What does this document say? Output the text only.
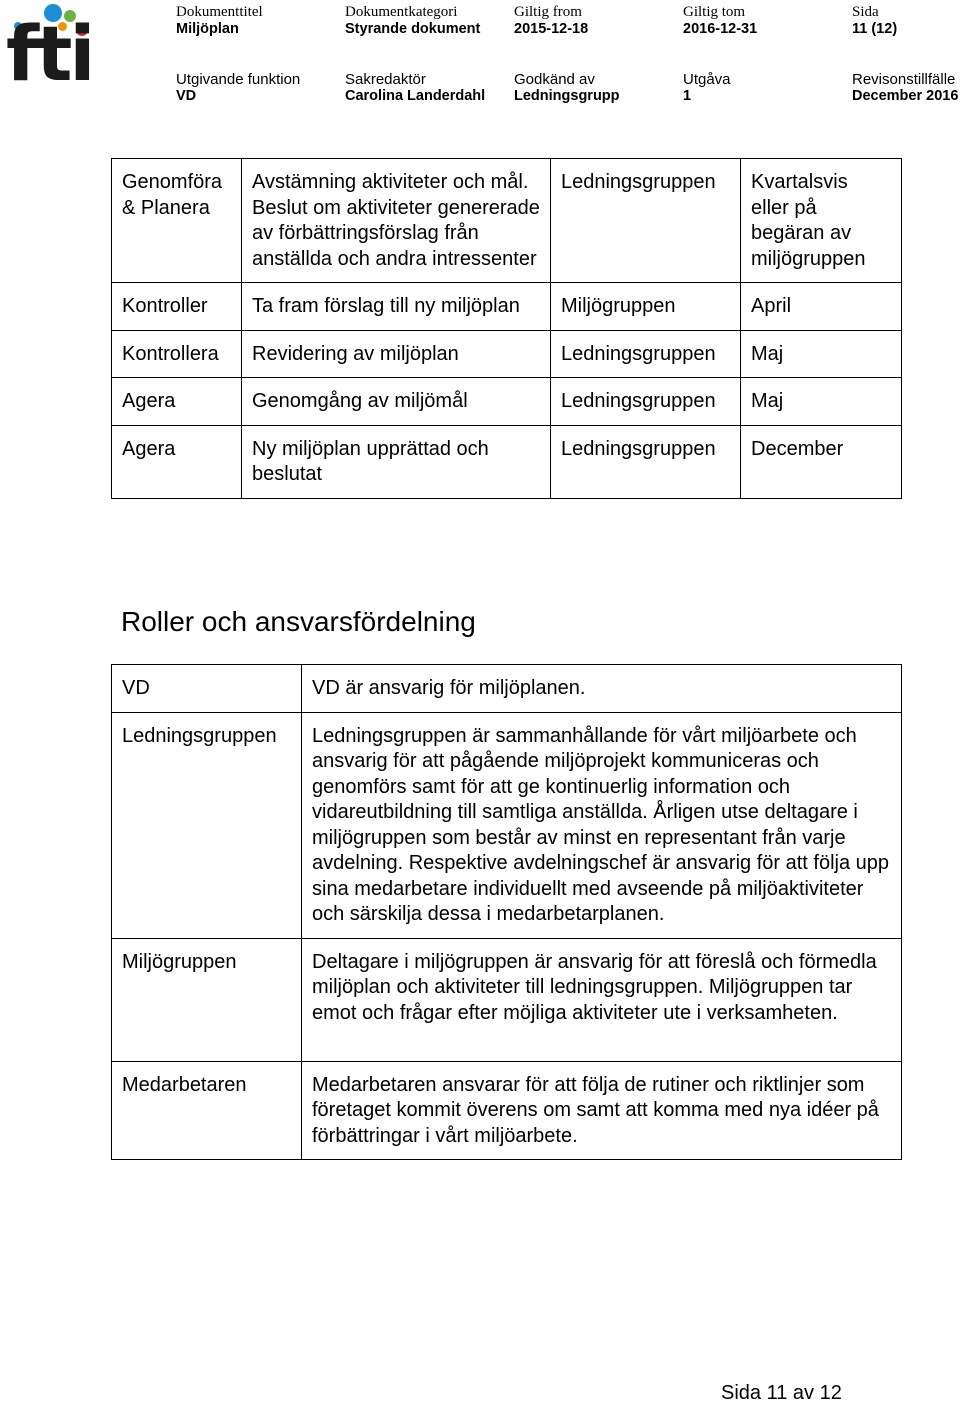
fti	Dokumenttitel
Miljöplan
Dokumentkategori
Styrande dokument
Giltig from
2015-12-18
Giltig tom
2016-12-31
Sida
11 (12)
Utgivande funktion
VD
Sakredaktör
Carolina Landerdahl
Godkänd av
Ledningsgrupp
Utgåva
1
Revisonstillfälle
December 2016
Genomföra & Planera	Avstämning aktiviteter och mål. Beslut om aktiviteter genererade av förbättringsförslag från anställda och andra intressenter	Ledningsgruppen	Kvartalsvis eller på begäran av miljögruppen
Kontroller	Ta fram förslag till ny miljöplan	Miljögruppen	April
Kontrollera	Revidering av miljöplan	Ledningsgruppen	Maj
Agera	Genomgång av miljömål	Ledningsgruppen	Maj
Agera	Ny miljöplan upprättad och beslutat	Ledningsgruppen	December
Roller och ansvarsfördelning
VD	VD är ansvarig för miljöplanen.
Ledningsgruppen	Ledningsgruppen är sammanhållande för vårt miljöarbete och ansvarig för att pågående miljöprojekt kommuniceras och genomförs samt för att ge kontinuerlig information och vidareutbildning till samtliga anställda. Årligen utse deltagare i miljögruppen som består av minst en representant från varje avdelning. Respektive avdelningschef är ansvarig för att följa upp sina medarbetare individuellt med avseende på miljöaktiviteter och särskilja dessa i medarbetarplanen.
Miljögruppen	Deltagare i miljögruppen är ansvarig för att föreslå och förmedla miljöplan och aktiviteter till ledningsgruppen. Miljögruppen tar emot och frågar efter möjliga aktiviteter ute i verksamheten.
Medarbetaren	Medarbetaren ansvarar för att följa de rutiner och riktlinjer som företaget kommit överens om samt att komma med nya idéer på förbättringar i vårt miljöarbete.
Sida 11 av 12
